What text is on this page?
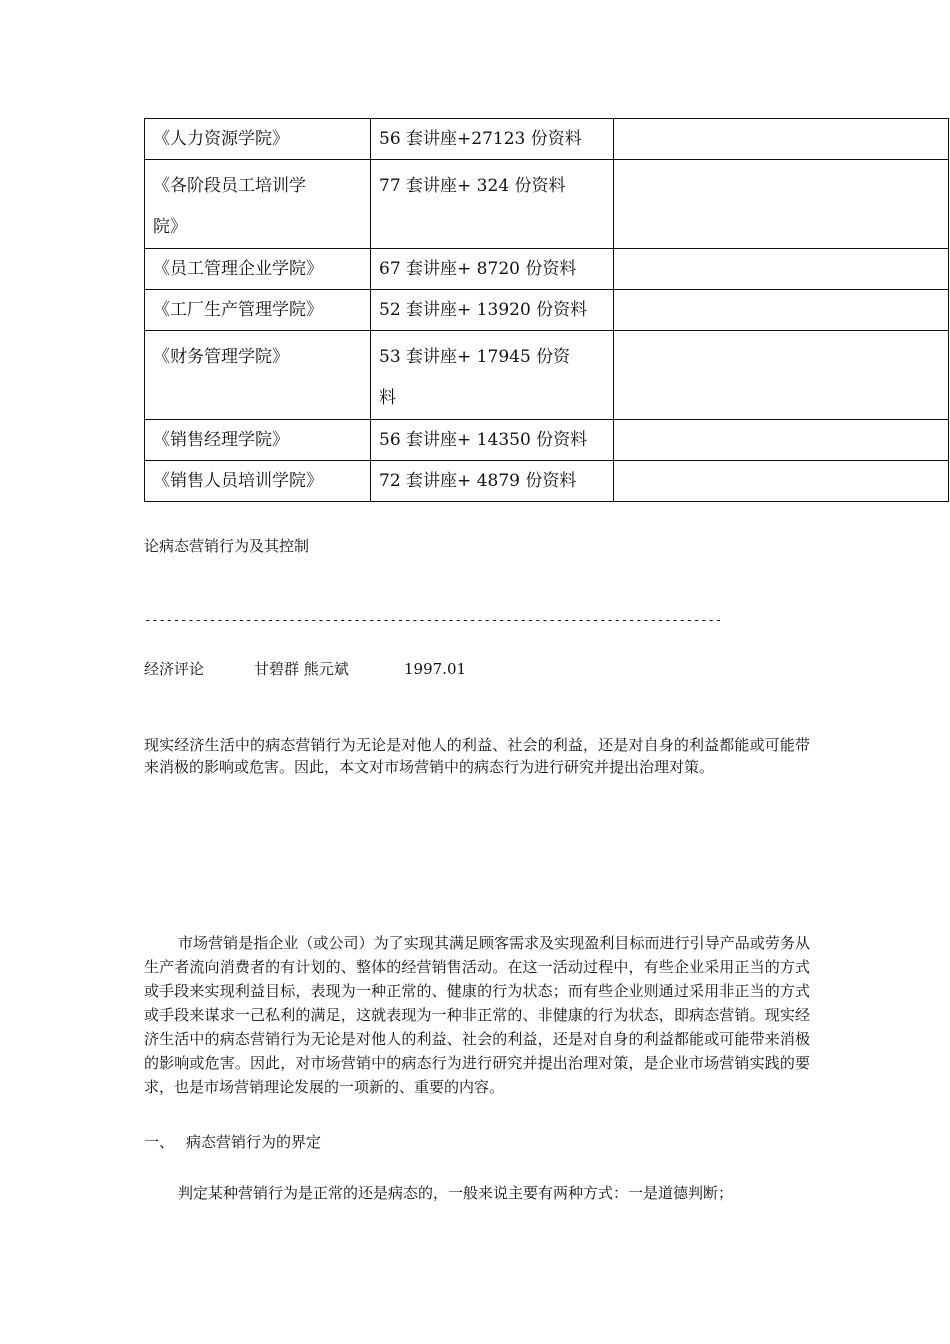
《人力资源学院》	56 套讲座+27123 份资料	

《各阶段员工培训学
院》	77 套讲座+ 324 份资料	
《员工管理企业学院》	67 套讲座+ 8720 份资料	
《工厂生产管理学院》	52 套讲座+ 13920 份资料	
《财务管理学院》	53 套讲座+ 17945 份资
料	

《销售经理学院》	56 套讲座+ 14350 份资料	
《销售人员培训学院》	72 套讲座+ 4879 份资料	
论病态营销行为及其控制
--------------------------------------------------------------------------------
经济评论	甘碧群 熊元斌	1997.01
现实经济生活中的病态营销行为无论是对他人的利益、社会的利益，还是对自身的利益都能或可能带来消极的影响或危害。因此，本文对市场营销中的病态行为进行研究并提出治理对策。
市场营销是指企业（或公司）为了实现其满足顾客需求及实现盈利目标而进行引导产品或劳务从生产者流向消费者的有计划的、整体的经营销售活动。在这一活动过程中，有些企业采用正当的方式或手段来实现利益目标，表现为一种正常的、健康的行为状态；而有些企业则通过采用非正当的方式或手段来谋求一己私利的满足，这就表现为一种非正常的、非健康的行为状态，即病态营销。现实经济生活中的病态营销行为无论是对他人的利益、社会的利益，还是对自身的利益都能或可能带来消极的影响或危害。因此，对市场营销中的病态行为进行研究并提出治理对策，是企业市场营销实践的要求，也是市场营销理论发展的一项新的、重要的内容。
一、 病态营销行为的界定
判定某种营销行为是正常的还是病态的，一般来说主要有两种方式：一是道德判断；
